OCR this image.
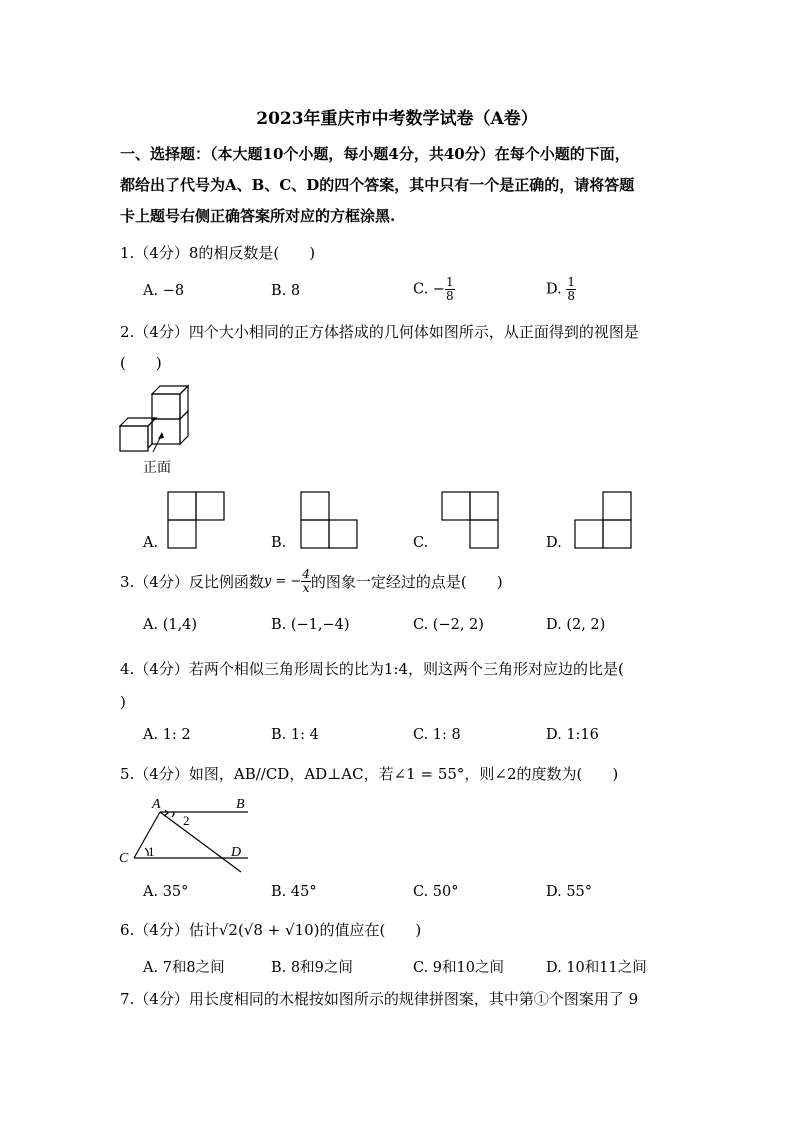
2023年重庆市中考数学试卷（A卷）
一、选择题：（本大题10个小题，每小题4分，共40分）在每个小题的下面，
都给出了代号为A、B、C、D的四个答案，其中只有一个是正确的，请将答题
卡上题号右侧正确答案所对应的方框涂黑.
1.（4分）8的相反数是(　　)
A. −8	B. 8	C. − $\frac{1}{8}$	D. $\frac{1}{8}$
2.（4分）四个大小相同的正方体搭成的几何体如图所示，从正面得到的视图是
(　　)
正面
A.	B.	C.	D.
3.（4分）反比例函数y = − $\frac{4}{x}$ 的图象一定经过的点是(　　)
A. (1,4)	B. (−1,−4)	C. (−2, 2)	D. (2, 2)
4.（4分）若两个相似三角形周长的比为1:4，则这两个三角形对应边的比是(
)
A. 1: 2	B. 1: 4	C. 1: 8	D. 1:16
5.（4分）如图，AB//CD，AD⊥AC，若∠1 = 55°，则∠2的度数为(　　)
A	B
C	D
1
2
A. 35°	B. 45°	C. 50°	D. 55°
6.（4分）估计√2(√8 + √10)的值应在(　　)
A. 7和8之间	B. 8和9之间	C. 9和10之间	D. 10和11之间
7.（4分）用长度相同的木棍按如图所示的规律拼图案，其中第①个图案用了 9
